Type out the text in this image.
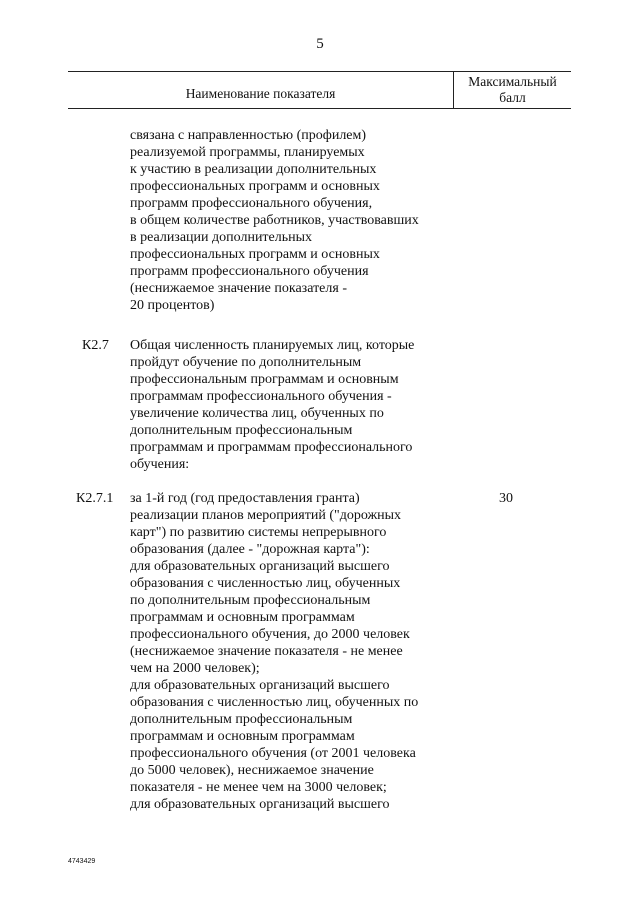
5
Наименование показателя
Максимальный
балл
связана с направленностью (профилем)
реализуемой программы, планируемых
к участию в реализации дополнительных
профессиональных программ и основных
программ профессионального обучения,
в общем количестве работников, участвовавших
в реализации дополнительных
профессиональных программ и основных
программ профессионального обучения
(неснижаемое значение показателя -
20 процентов)
К2.7 Общая численность планируемых лиц, которые
пройдут обучение по дополнительным
профессиональным программам и основным
программам профессионального обучения -
увеличение количества лиц, обученных по
дополнительным профессиональным
программам и программам профессионального
обучения:
К2.7.1	30
за 1-й год (год предоставления гранта)
реализации планов мероприятий ("дорожных
карт") по развитию системы непрерывного
образования (далее - "дорожная карта"):
для образовательных организаций высшего
образования с численностью лиц, обученных
по дополнительным профессиональным
программам и основным программам
профессионального обучения, до 2000 человек
(неснижаемое значение показателя - не менее
чем на 2000 человек);
для образовательных организаций высшего
образования с численностью лиц, обученных по
дополнительным профессиональным
программам и основным программам
профессионального обучения (от 2001 человека
до 5000 человек), неснижаемое значение
показателя - не менее чем на 3000 человек;
для образовательных организаций высшего
4743429
